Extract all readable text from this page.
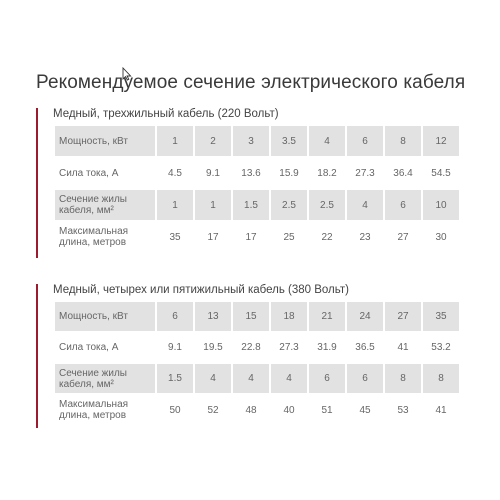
Рекомендуемое сечение электрического кабеля
Медный, трехжильный кабель (220 Вольт)
Мощность, кВт	1	2	3	3.5	4	6	8	12
Сила тока, А	4.5	9.1	13.6	15.9	18.2	27.3	36.4	54.5
Сечение жилы кабеля, мм²	1	1	1.5	2.5	2.5	4	6	10
Максимальная длина, метров	35	17	17	25	22	23	27	30
Медный, четырех или пятижильный кабель (380 Вольт)
Мощность, кВт	6	13	15	18	21	24	27	35
Сила тока, А	9.1	19.5	22.8	27.3	31.9	36.5	41	53.2
Сечение жилы кабеля, мм²	1.5	4	4	4	6	6	8	8
Максимальная длина, метров	50	52	48	40	51	45	53	41
